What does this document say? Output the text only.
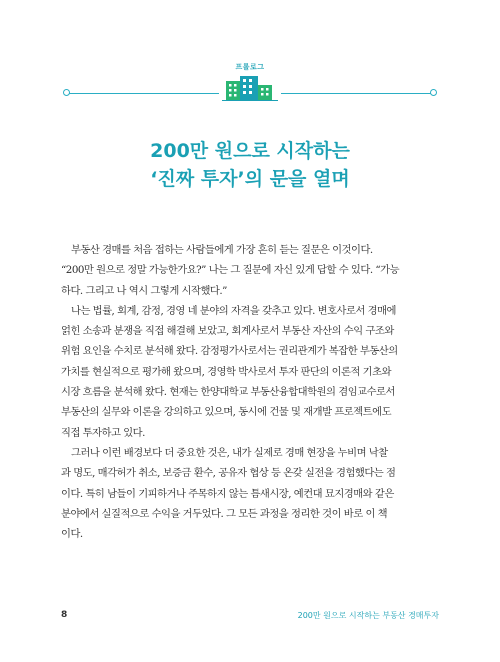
프롤로그
200만 원으로 시작하는
‘진짜 투자’의 문을 열며

부동산 경매를 처음 접하는 사람들에게 가장 흔히 듣는 질문은 이것이다.
“200만 원으로 정말 가능한가요?” 나는 그 질문에 자신 있게 답할 수 있다. “가능
하다. 그리고 나 역시 그렇게 시작했다.”

나는 법률, 회계, 감정, 경영 네 분야의 자격을 갖추고 있다. 변호사로서 경매에
얽힌 소송과 분쟁을 직접 해결해 보았고, 회계사로서 부동산 자산의 수익 구조와
위험 요인을 수치로 분석해 왔다. 감정평가사로서는 권리관계가 복잡한 부동산의
가치를 현실적으로 평가해 왔으며, 경영학 박사로서 투자 판단의 이론적 기초와
시장 흐름을 분석해 왔다. 현재는 한양대학교 부동산융합대학원의 겸임교수로서
부동산의 실무와 이론을 강의하고 있으며, 동시에 건물 및 재개발 프로젝트에도
직접 투자하고 있다.

그러나 이런 배경보다 더 중요한 것은, 내가 실제로 경매 현장을 누비며 낙찰
과 명도, 매각허가 취소, 보증금 환수, 공유자 협상 등 온갖 실전을 경험했다는 점
이다. 특히 남들이 기피하거나 주목하지 않는 틈새시장, 예컨대 묘지경매와 같은
분야에서 실질적으로 수익을 거두었다. 그 모든 과정을 정리한 것이 바로 이 책
이다.

8	200만 원으로 시작하는 부동산 경매투자
